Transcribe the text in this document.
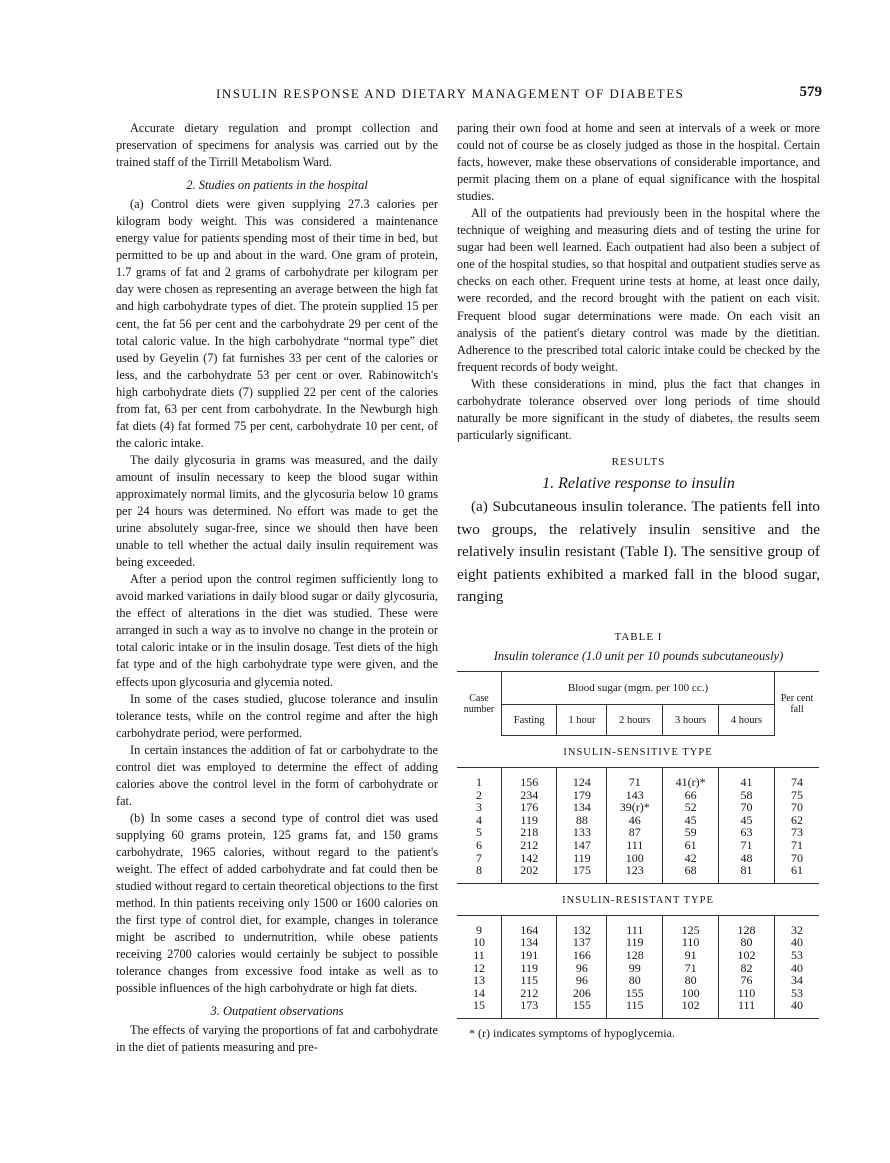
INSULIN RESPONSE AND DIETARY MANAGEMENT OF DIABETES	579

Accurate dietary regulation and prompt collection and preservation of specimens for analysis was carried out by the trained staff of the Tirrill Metabolism Ward.

2. Studies on patients in the hospital

(a) Control diets were given supplying 27.3 calories per kilogram body weight. This was considered a maintenance energy value for patients spending most of their time in bed, but permitted to be up and about in the ward. One gram of protein, 1.7 grams of fat and 2 grams of carbohydrate per kilogram per day were chosen as representing an average between the high fat and high carbohydrate types of diet. The protein supplied 15 per cent, the fat 56 per cent and the carbohydrate 29 per cent of the total caloric value. In the high carbohydrate “normal type” diet used by Geyelin (7) fat furnishes 33 per cent of the calories or less, and the carbohydrate 53 per cent or over. Rabinowitch's high carbohydrate diets (7) supplied 22 per cent of the calories from fat, 63 per cent from carbohydrate. In the Newburgh high fat diets (4) fat formed 75 per cent, carbohydrate 10 per cent, of the caloric intake.

The daily glycosuria in grams was measured, and the daily amount of insulin necessary to keep the blood sugar within approximately normal limits, and the glycosuria below 10 grams per 24 hours was determined. No effort was made to get the urine absolutely sugar-free, since we should then have been unable to tell whether the actual daily insulin requirement was being exceeded.

After a period upon the control regimen sufficiently long to avoid marked variations in daily blood sugar or daily glycosuria, the effect of alterations in the diet was studied. These were arranged in such a way as to involve no change in the protein or total caloric intake or in the insulin dosage. Test diets of the high fat type and of the high carbohydrate type were given, and the effects upon glycosuria and glycemia noted.

In some of the cases studied, glucose tolerance and insulin tolerance tests, while on the control regime and after the high carbohydrate period, were performed.

In certain instances the addition of fat or carbohydrate to the control diet was employed to determine the effect of adding calories above the control level in the form of carbohydrate or fat.

(b) In some cases a second type of control diet was used supplying 60 grams protein, 125 grams fat, and 150 grams carbohydrate, 1965 calories, without regard to the patient's weight. The effect of added carbohydrate and fat could then be studied without regard to certain theoretical objections to the first method. In thin patients receiving only 1500 or 1600 calories on the first type of control diet, for example, changes in tolerance might be ascribed to undernutrition, while obese patients receiving 2700 calories would certainly be subject to possible tolerance changes from excessive food intake as well as to possible influences of the high carbohydrate or high fat diets.

3. Outpatient observations

The effects of varying the proportions of fat and carbohydrate in the diet of patients measuring and pre-

paring their own food at home and seen at intervals of a week or more could not of course be as closely judged as those in the hospital. Certain facts, however, make these observations of considerable importance, and permit placing them on a plane of equal significance with the hospital studies.

All of the outpatients had previously been in the hospital where the technique of weighing and measuring diets and of testing the urine for sugar had been well learned. Each outpatient had also been a subject of one of the hospital studies, so that hospital and outpatient studies serve as checks on each other. Frequent urine tests at home, at least once daily, were recorded, and the record brought with the patient on each visit. Frequent blood sugar determinations were made. On each visit an analysis of the patient's dietary control was made by the dietitian. Adherence to the prescribed total caloric intake could be checked by the frequent records of body weight.

With these considerations in mind, plus the fact that changes in carbohydrate tolerance observed over long periods of time should naturally be more significant in the study of diabetes, the results seem particularly significant.

RESULTS
1. Relative response to insulin

(a) Subcutaneous insulin tolerance. The patients fell into two groups, the relatively insulin sensitive and the relatively insulin resistant (Table I). The sensitive group of eight patients exhibited a marked fall in the blood sugar, ranging

TABLE I
Insulin tolerance (1.0 unit per 10 pounds subcutaneously)
Case number	Blood sugar (mgm. per 100 cc.)					Per cent fall
	Fasting	1 hour	2 hours	3 hours	4 hours	
INSULIN-SENSITIVE TYPE						
1	156	124	71	41(r)*	41	74
2	234	179	143	66	58	75
3	176	134	39(r)*	52	70	70
4	119	88	46	45	45	62
5	218	133	87	59	63	73
6	212	147	111	61	71	71
7	142	119	100	42	48	70
8	202	175	123	68	81	61
INSULIN-RESISTANT TYPE						
9	164	132	111	125	128	32
10	134	137	119	110	80	40
11	191	166	128	91	102	53
12	119	96	99	71	82	40
13	115	96	80	80	76	34
14	212	206	155	100	110	53
15	173	155	115	102	111	40
* (r) indicates symptoms of hypoglycemia.
